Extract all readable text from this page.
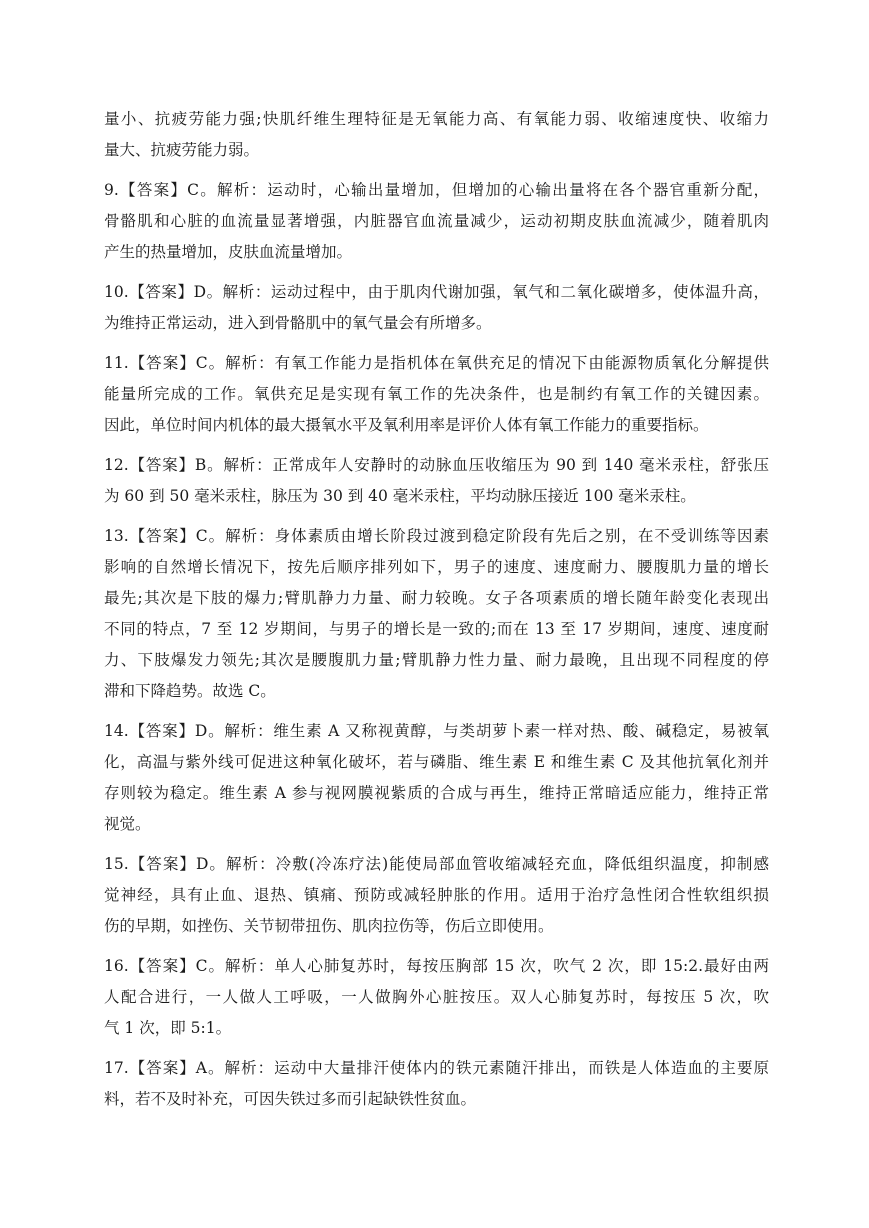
量小、抗疲劳能力强;快肌纤维生理特征是无氧能力高、有氧能力弱、收缩速度快、收缩力
量大、抗疲劳能力弱。
9.【答案】C。解析：运动时，心输出量增加，但增加的心输出量将在各个器官重新分配，
骨骼肌和心脏的血流量显著增强，内脏器官血流量减少，运动初期皮肤血流减少，随着肌肉
产生的热量增加，皮肤血流量增加。
10.【答案】D。解析：运动过程中，由于肌肉代谢加强，氧气和二氧化碳增多，使体温升高，
为维持正常运动，进入到骨骼肌中的氧气量会有所增多。
11.【答案】C。解析：有氧工作能力是指机体在氧供充足的情况下由能源物质氧化分解提供
能量所完成的工作。氧供充足是实现有氧工作的先决条件，也是制约有氧工作的关键因素。
因此，单位时间内机体的最大摄氧水平及氧利用率是评价人体有氧工作能力的重要指标。
12.【答案】B。解析：正常成年人安静时的动脉血压收缩压为 90 到 140 毫米汞柱，舒张压
为 60 到 50 毫米汞柱，脉压为 30 到 40 毫米汞柱，平均动脉压接近 100 毫米汞柱。
13.【答案】C。解析：身体素质由增长阶段过渡到稳定阶段有先后之别，在不受训练等因素
影响的自然增长情况下，按先后顺序排列如下，男子的速度、速度耐力、腰腹肌力量的增长
最先;其次是下肢的爆力;臂肌静力力量、耐力较晚。女子各项素质的增长随年龄变化表现出
不同的特点，7 至 12 岁期间，与男子的增长是一致的;而在 13 至 17 岁期间，速度、速度耐
力、下肢爆发力领先;其次是腰腹肌力量;臂肌静力性力量、耐力最晚，且出现不同程度的停
滞和下降趋势。故选 C。
14.【答案】D。解析：维生素 A 又称视黄醇，与类胡萝卜素一样对热、酸、碱稳定，易被氧
化，高温与紫外线可促进这种氧化破坏，若与磷脂、维生素 E 和维生素 C 及其他抗氧化剂并
存则较为稳定。维生素 A 参与视网膜视紫质的合成与再生，维持正常暗适应能力，维持正常
视觉。
15.【答案】D。解析：冷敷(冷冻疗法)能使局部血管收缩减轻充血，降低组织温度，抑制感
觉神经，具有止血、退热、镇痛、预防或减轻肿胀的作用。适用于治疗急性闭合性软组织损
伤的早期，如挫伤、关节韧带扭伤、肌肉拉伤等，伤后立即使用。
16.【答案】C。解析：单人心肺复苏时，每按压胸部 15 次，吹气 2 次，即 15:2.最好由两
人配合进行，一人做人工呼吸，一人做胸外心脏按压。双人心肺复苏时，每按压 5 次，吹
气 1 次，即 5:1。
17.【答案】A。解析：运动中大量排汗使体内的铁元素随汗排出，而铁是人体造血的主要原
料，若不及时补充，可因失铁过多而引起缺铁性贫血。
